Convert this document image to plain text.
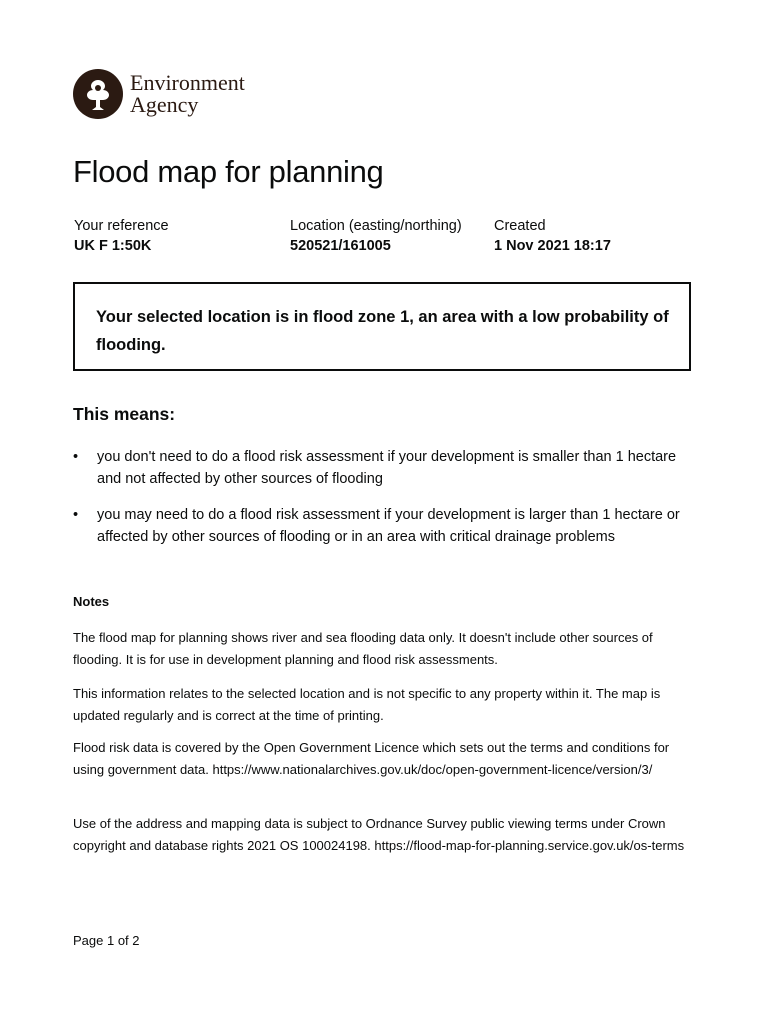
Environment
Agency
Flood map for planning
Your reference
UK F 1:50K
Location (easting/northing)
520521/161005
Created
1 Nov 2021 18:17
Your selected location is in flood zone 1, an area with a low probability of flooding.
This means:
• you don't need to do a flood risk assessment if your development is smaller than 1 hectare and not affected by other sources of flooding
• you may need to do a flood risk assessment if your development is larger than 1 hectare or affected by other sources of flooding or in an area with critical drainage problems
Notes
The flood map for planning shows river and sea flooding data only. It doesn't include other sources of flooding. It is for use in development planning and flood risk assessments.
This information relates to the selected location and is not specific to any property within it. The map is updated regularly and is correct at the time of printing.
Flood risk data is covered by the Open Government Licence which sets out the terms and conditions for using government data. https://www.nationalarchives.gov.uk/doc/open-government-licence/version/3/
Use of the address and mapping data is subject to Ordnance Survey public viewing terms under Crown copyright and database rights 2021 OS 100024198. https://flood-map-for-planning.service.gov.uk/os-terms
Page 1 of 2
